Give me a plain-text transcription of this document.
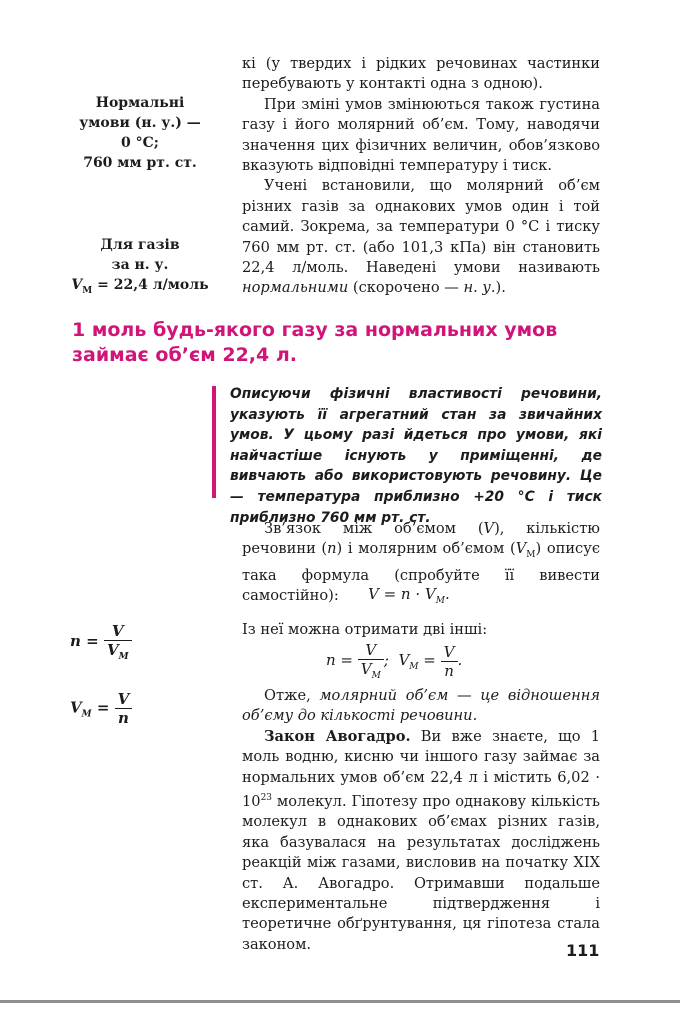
Нормальні
умови (н. у.) —
0 °С;
760 мм рт. ст.
Для газів
за н. у.
$V_М = 22,4$ л/моль

кі (у твердих і рідких речовинах частинки перебувають у контакті одна з одною).

При зміні умов змінюються також густина газу і його молярний об’єм. Тому, наводячи значення цих фізичних величин, обов’язково вказують відповідні температуру і тиск.

Учені встановили, що молярний об’єм різних газів за однакових умов один і той самий. Зокрема, за температури 0 °С і тиску 760 мм рт. ст. (або 101,3 кПа) він становить 22,4 л/моль. Наведені умови називають нормальними (скорочено — н. у.).

1 моль будь-якого газу за нормальних умов займає об’єм 22,4 л.
Описуючи фізичні властивості речовини, указують її агрегатний стан за звичайних умов. У цьому разі йдеться про умови, які найчастіше існують у приміщенні, де вивчають або використовують речовину. Це — температура приблизно +20 °С і тиск приблизно 760 мм рт. ст.

Зв’язок між об’ємом (V), кількістю речовини (n) і молярним об’ємом $(V_М)$ описує така формула (спробуйте її вивести самостійно):	$V = n \cdot V_М$.

Із неї можна отримати дві інші:

$n = \frac{V}{V_М}$ ; $V_М = \frac{V}{n}$ .
$n = \frac{V}{V_М}$
$V_М = \frac{V}{n}$	Отже, молярний об’єм — це відношення об’єму до кількості речовини.

Закон Авогадро. Ви вже знаєте, що 1 моль водню, кисню чи іншого газу займає за нормальних умов об’єм 22,4 л і містить $6,02 \cdot 10^{23}$ молекул. Гіпотезу про однакову кількість молекул в однакових об’ємах різних газів, яка базувалася на результатах досліджень реакцій між газами, висловив на початку XIX ст. А. Авогадро. Отримавши подальше експериментальне підтвердження і теоретичне обґрунтування, ця гіпотеза стала законом.	111
